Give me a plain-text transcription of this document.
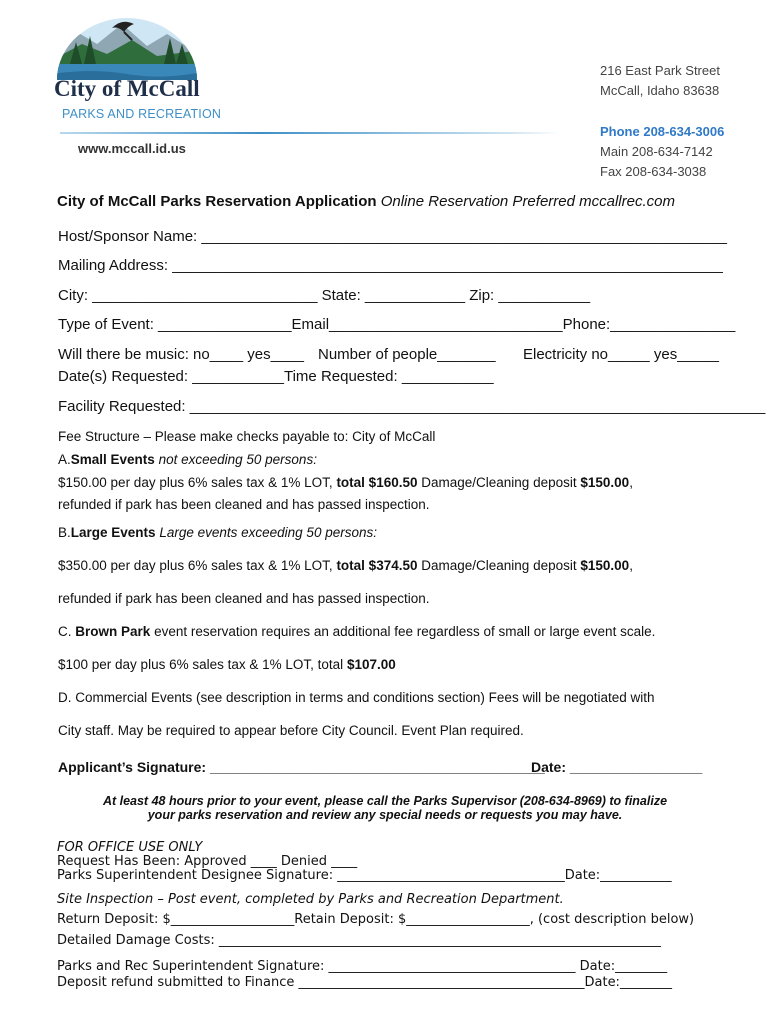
City of McCall
PARKS AND RECREATION
www.mccall.id.us
216 East Park Street
McCall, Idaho 83638
Phone 208-634-3006
Main 208-634-7142
Fax 208-634-3038
City of McCall Parks Reservation Application Online Reservation Preferred mccallrec.com
Host/Sponsor Name: _______________________________________________________________
Mailing Address: __________________________________________________________________
City: ___________________________ State: ____________ Zip: ___________
Type of Event: ________________Email____________________________Phone:_______________
Will there be music: no____ yes____ Number of people_______ Electricity no_____ yes_____
Date(s) Requested: ___________Time Requested: ___________
Facility Requested: _____________________________________________________________________
Fee Structure – Please make checks payable to: City of McCall
A.Small Events not exceeding 50 persons:
$150.00 per day plus 6% sales tax & 1% LOT, total $160.50 Damage/Cleaning deposit $150.00,
refunded if park has been cleaned and has passed inspection.
B.Large Events Large events exceeding 50 persons:
$350.00 per day plus 6% sales tax & 1% LOT, total $374.50 Damage/Cleaning deposit $150.00,
refunded if park has been cleaned and has passed inspection.
C. Brown Park event reservation requires an additional fee regardless of small or large event scale.
$100 per day plus 6% sales tax & 1% LOT, total $107.00
D. Commercial Events (see description in terms and conditions section) Fees will be negotiated with
City staff. May be required to appear before City Council. Event Plan required.
Applicant’s Signature: ___________________________________________
Date: _________________
At least 48 hours prior to your event, please call the Parks Supervisor (208-634-8969) to finalize
your parks reservation and review any special needs or requests you may have.
FOR OFFICE USE ONLY
Request Has Been: Approved ____ Denied ____
Parks Superintendent Designee Signature: ___________________________________Date:___________
Site Inspection – Post event, completed by Parks and Recreation Department.
Return Deposit: $___________________Retain Deposit: $___________________, (cost description below)
Detailed Damage Costs: ____________________________________________________________________
Parks and Rec Superintendent Signature: ______________________________________ Date:________
Deposit refund submitted to Finance ____________________________________________Date:________
